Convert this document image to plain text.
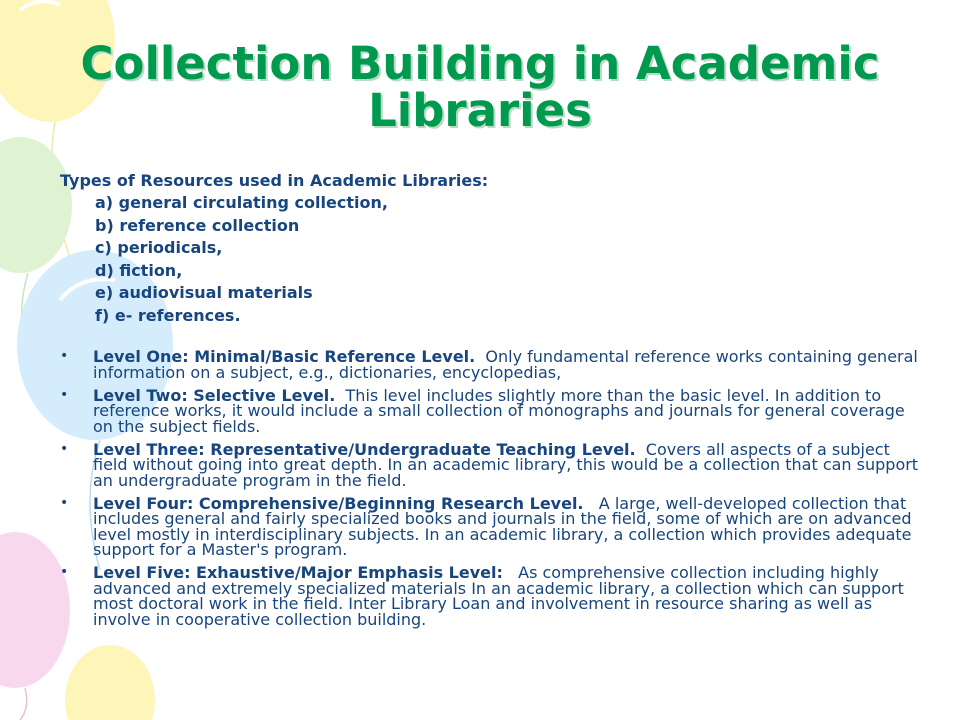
Collection Building in Academic Libraries
Types of Resources used in Academic Libraries:
a) general circulating collection,
b) reference collection
c) periodicals,
d) fiction,
e) audiovisual materials
f) e- references.
• Level One: Minimal/Basic Reference Level. Only fundamental reference works containing general information on a subject, e.g., dictionaries, encyclopedias,
• Level Two: Selective Level. This level includes slightly more than the basic level. In addition to reference works, it would include a small collection of monographs and journals for general coverage on the subject fields.
• Level Three: Representative/Undergraduate Teaching Level. Covers all aspects of a subject field without going into great depth. In an academic library, this would be a collection that can support an undergraduate program in the field.
• Level Four: Comprehensive/Beginning Research Level. A large, well-developed collection that includes general and fairly specialized books and journals in the field, some of which are on advanced level mostly in interdisciplinary subjects. In an academic library, a collection which provides adequate support for a Master's program.
• Level Five: Exhaustive/Major Emphasis Level: As comprehensive collection including highly advanced and extremely specialized materials In an academic library, a collection which can support most doctoral work in the field. Inter Library Loan and involvement in resource sharing as well as involve in cooperative collection building.
